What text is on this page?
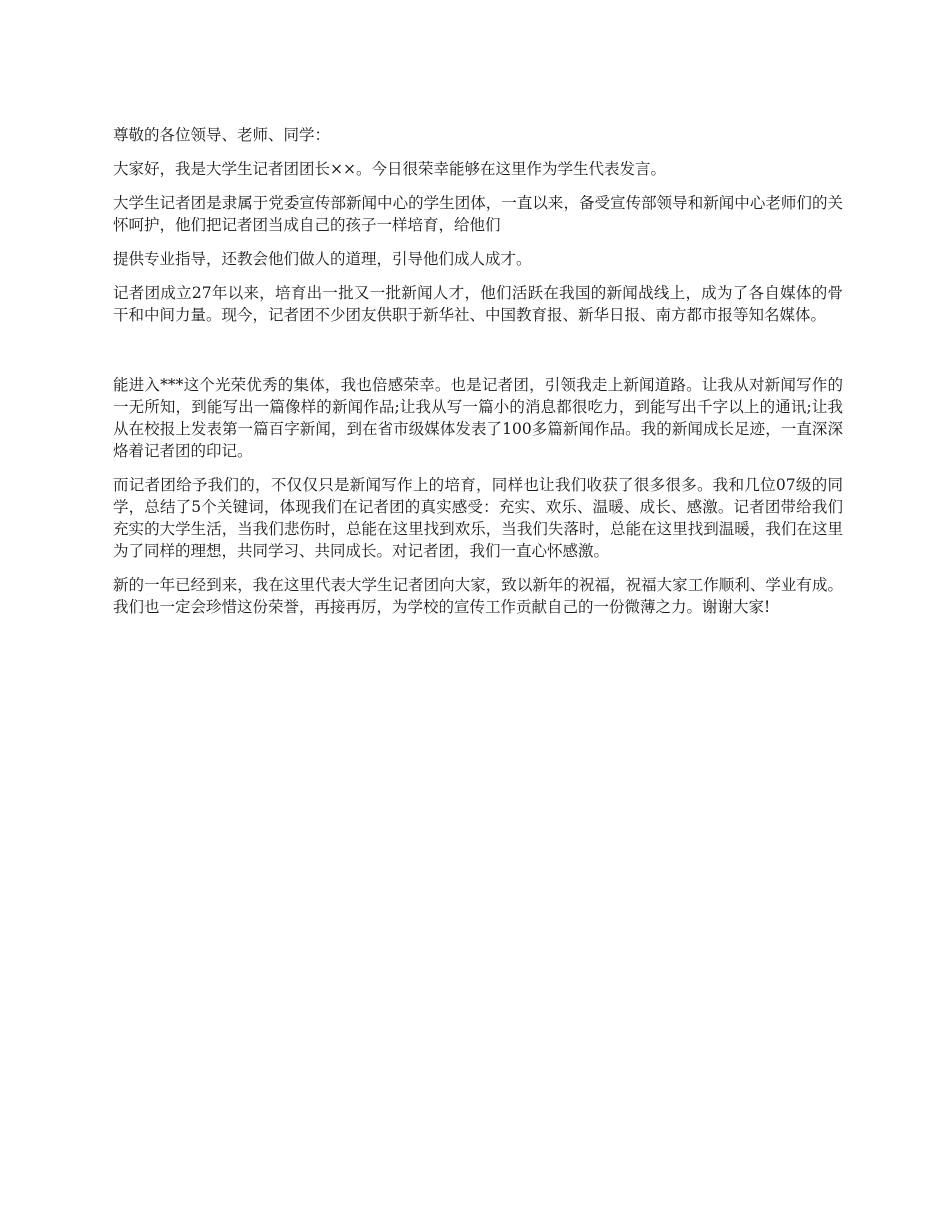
尊敬的各位领导、老师、同学：

大家好，我是大学生记者团团长××。今日很荣幸能够在这里作为学生代表发言。

大学生记者团是隶属于党委宣传部新闻中心的学生团体，一直以来，备受宣传部领导和新闻中心老师们的关怀呵护，他们把记者团当成自己的孩子一样培育，给他们

提供专业指导，还教会他们做人的道理，引导他们成人成才。

记者团成立27年以来，培育出一批又一批新闻人才，他们活跃在我国的新闻战线上，成为了各自媒体的骨干和中间力量。现今，记者团不少团友供职于新华社、中国教育报、新华日报、南方都市报等知名媒体。

能进入***这个光荣优秀的集体，我也倍感荣幸。也是记者团，引领我走上新闻道路。让我从对新闻写作的一无所知，到能写出一篇像样的新闻作品;让我从写一篇小的消息都很吃力，到能写出千字以上的通讯;让我从在校报上发表第一篇百字新闻，到在省市级媒体发表了100多篇新闻作品。我的新闻成长足迹，一直深深烙着记者团的印记。

而记者团给予我们的，不仅仅只是新闻写作上的培育，同样也让我们收获了很多很多。我和几位07级的同学，总结了5个关键词，体现我们在记者团的真实感受：充实、欢乐、温暖、成长、感激。记者团带给我们充实的大学生活，当我们悲伤时，总能在这里找到欢乐，当我们失落时，总能在这里找到温暖，我们在这里为了同样的理想，共同学习、共同成长。对记者团，我们一直心怀感激。

新的一年已经到来，我在这里代表大学生记者团向大家，致以新年的祝福，祝福大家工作顺利、学业有成。我们也一定会珍惜这份荣誉，再接再厉，为学校的宣传工作贡献自己的一份微薄之力。谢谢大家!
